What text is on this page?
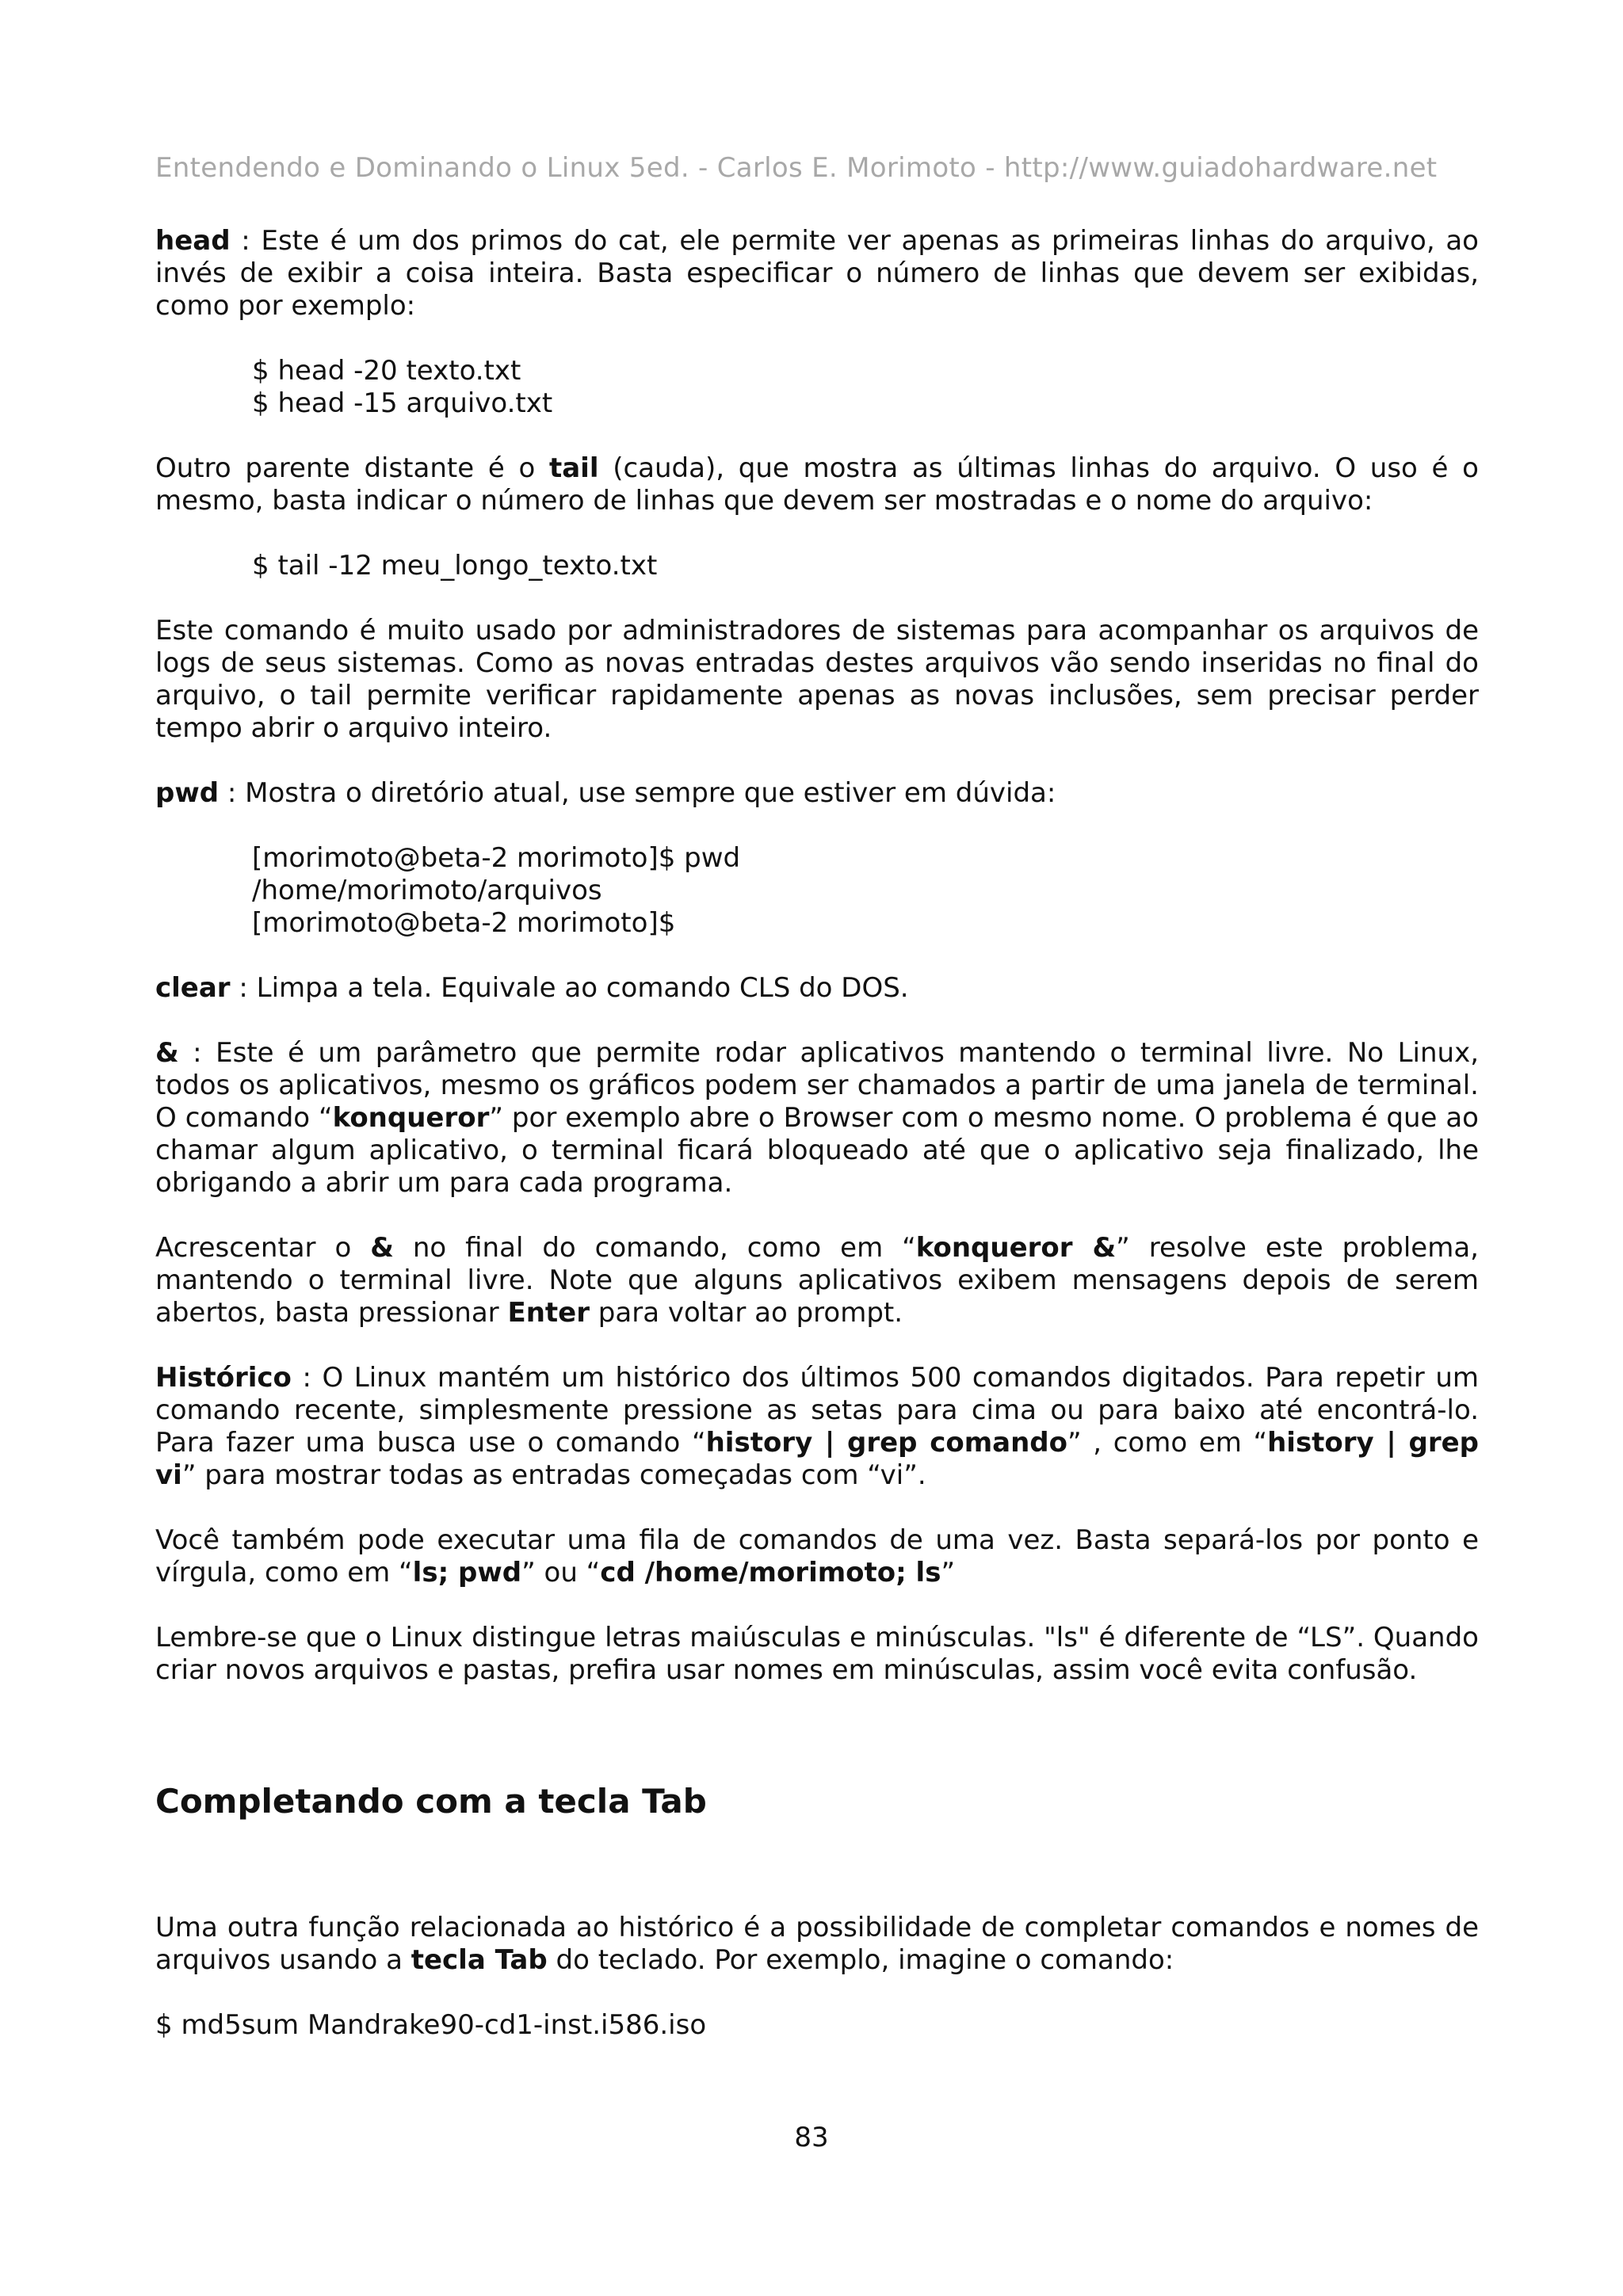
Entendendo e Dominando o Linux 5ed. - Carlos E. Morimoto - http://www.guiadohardware.net

head : Este é um dos primos do cat, ele permite ver apenas as primeiras linhas do arquivo, ao invés de exibir a coisa inteira. Basta especificar o número de linhas que devem ser exibidas, como por exemplo:

$ head -20 texto.txt
$ head -15 arquivo.txt

Outro parente distante é o tail (cauda), que mostra as últimas linhas do arquivo. O uso é o mesmo, basta indicar o número de linhas que devem ser mostradas e o nome do arquivo:

$ tail -12 meu_longo_texto.txt

Este comando é muito usado por administradores de sistemas para acompanhar os arquivos de logs de seus sistemas. Como as novas entradas destes arquivos vão sendo inseridas no final do arquivo, o tail permite verificar rapidamente apenas as novas inclusões, sem precisar perder tempo abrir o arquivo inteiro.

pwd : Mostra o diretório atual, use sempre que estiver em dúvida:

[morimoto@beta-2 morimoto]$ pwd
/home/morimoto/arquivos
[morimoto@beta-2 morimoto]$

clear : Limpa a tela. Equivale ao comando CLS do DOS.

& : Este é um parâmetro que permite rodar aplicativos mantendo o terminal livre. No Linux, todos os aplicativos, mesmo os gráficos podem ser chamados a partir de uma janela de terminal. O comando “konqueror” por exemplo abre o Browser com o mesmo nome. O problema é que ao chamar algum aplicativo, o terminal ficará bloqueado até que o aplicativo seja finalizado, lhe obrigando a abrir um para cada programa.

Acrescentar o & no final do comando, como em “konqueror &” resolve este problema, mantendo o terminal livre. Note que alguns aplicativos exibem mensagens depois de serem abertos, basta pressionar Enter para voltar ao prompt.

Histórico : O Linux mantém um histórico dos últimos 500 comandos digitados. Para repetir um comando recente, simplesmente pressione as setas para cima ou para baixo até encontrá-lo. Para fazer uma busca use o comando “history | grep comando” , como em “history | grep vi” para mostrar todas as entradas começadas com “vi”.

Você também pode executar uma fila de comandos de uma vez. Basta separá-los por ponto e vírgula, como em “ls; pwd” ou “cd /home/morimoto; ls”

Lembre-se que o Linux distingue letras maiúsculas e minúsculas. "ls" é diferente de “LS”. Quando criar novos arquivos e pastas, prefira usar nomes em minúsculas, assim você evita confusão.

Completando com a tecla Tab

Uma outra função relacionada ao histórico é a possibilidade de completar comandos e nomes de arquivos usando a tecla Tab do teclado. Por exemplo, imagine o comando:

$ md5sum Mandrake90-cd1-inst.i586.iso

83
